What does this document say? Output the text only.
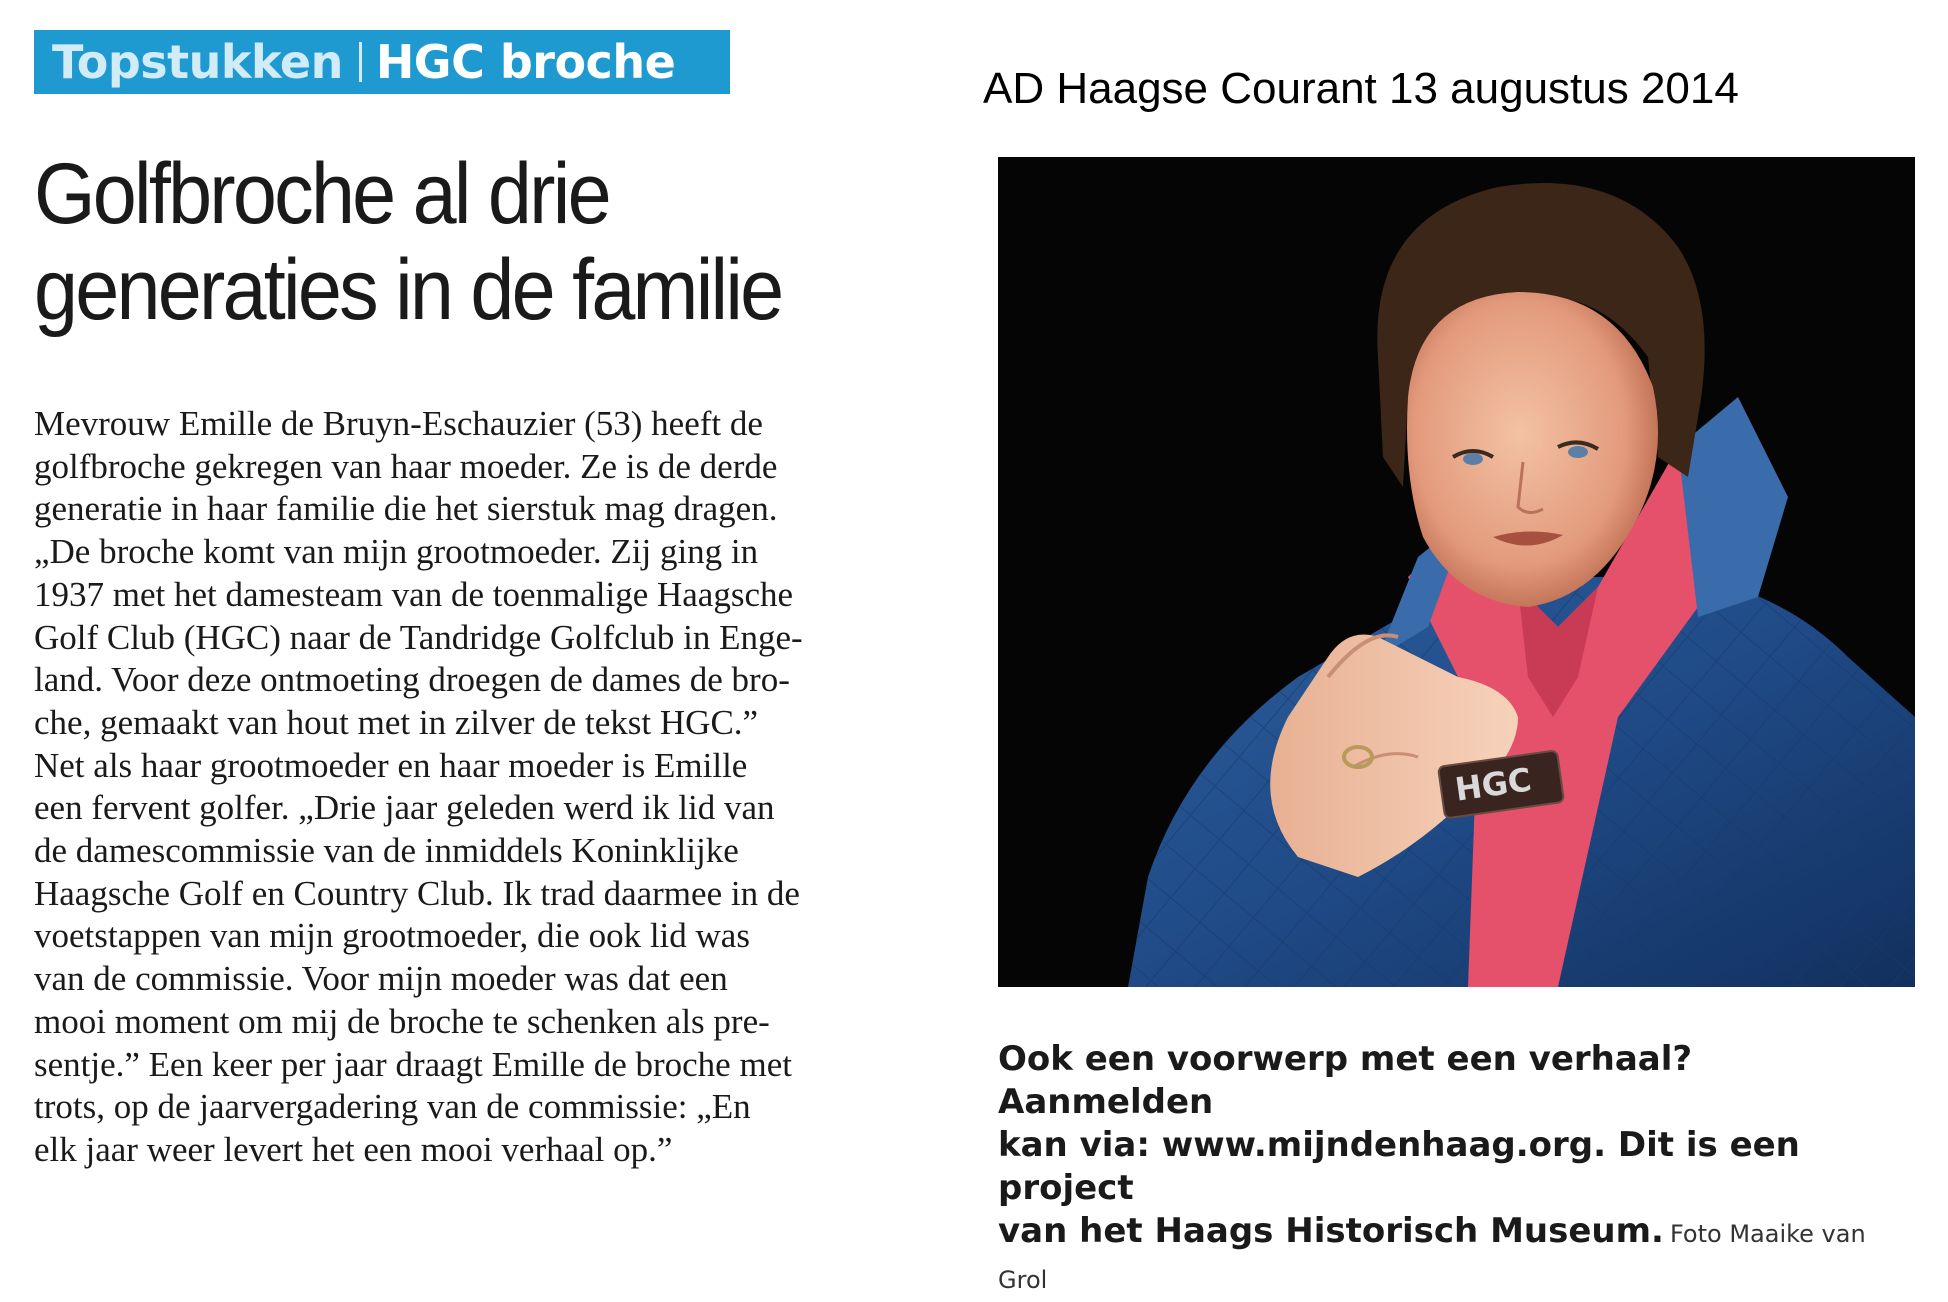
Topstukken HGC broche	AD Haagse Courant 13 augustus 2014
Golfbroche al drie
generaties in de familie

Mevrouw Emille de Bruyn-Eschauzier (53) heeft de
golfbroche gekregen van haar moeder. Ze is de derde
generatie in haar familie die het sierstuk mag dragen.
„De broche komt van mijn grootmoeder. Zij ging in
1937 met het damesteam van de toenmalige Haagsche
Golf Club (HGC) naar de Tandridge Golfclub in Enge-
land. Voor deze ontmoeting droegen de dames de bro-
che, gemaakt van hout met in zilver de tekst HGC.”
Net als haar grootmoeder en haar moeder is Emille
een fervent golfer. „Drie jaar geleden werd ik lid van
de damescommissie van de inmiddels Koninklijke
Haagsche Golf en Country Club. Ik trad daarmee in de
voetstappen van mijn grootmoeder, die ook lid was
van de commissie. Voor mijn moeder was dat een
mooi moment om mij de broche te schenken als pre-
sentje.” Een keer per jaar draagt Emille de broche met
trots, op de jaarvergadering van de commissie: „En
elk jaar weer levert het een mooi verhaal op.”

HGC

Ook een voorwerp met een verhaal? Aanmelden
kan via: www.mijndenhaag.org. Dit is een project
van het Haags Historisch Museum. Foto Maaike van Grol
